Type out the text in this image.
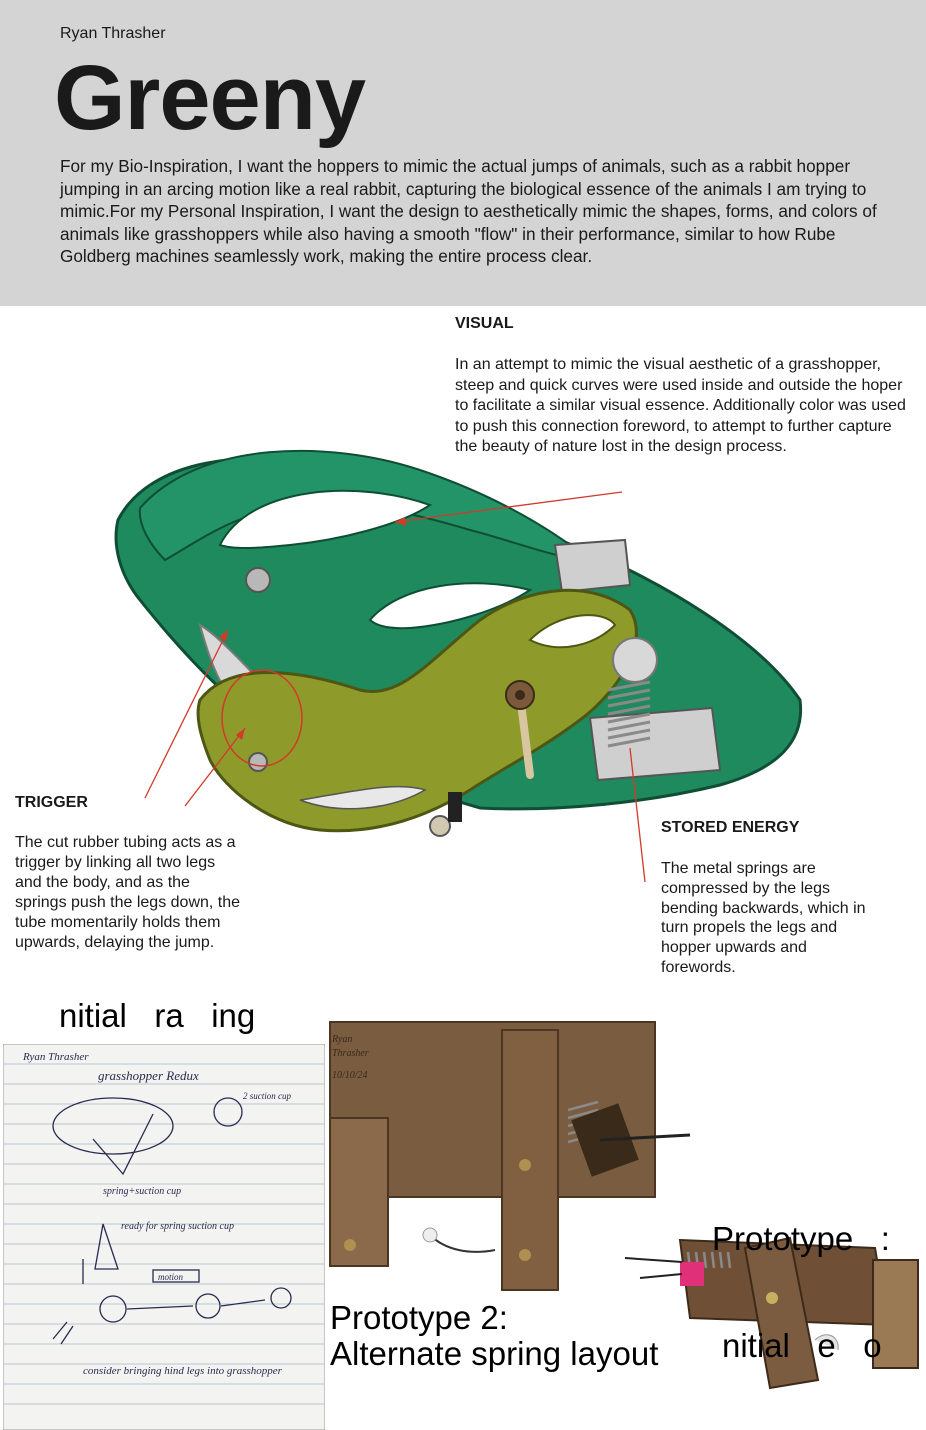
Ryan Thrasher
Greeny
For my Bio-Inspiration, I want the hoppers to mimic the actual jumps of animals, such as a rabbit hopper jumping in an arcing motion like a real rabbit, capturing the biological essence of the animals I am trying to mimic.For my Personal Inspiration, I want the design to aesthetically mimic the shapes, forms, and colors of animals like grasshoppers while also having a smooth "flow" in their performance, similar to how Rube Goldberg machines seamlessly work, making the entire process clear.
Ryan
Thrasher
10/10/24
VISUAL
In an attempt to mimic the visual aesthetic of a grasshopper, steep and quick curves were used inside and outside the hoper to facilitate a similar visual essence. Additionally color was used to push this connection foreword, to attempt to further capture the beauty of nature lost in the design process.
TRIGGER
The cut rubber tubing acts as a trigger by linking all two legs and the body, and as the springs push the legs down, the tube momentarily holds them upwards, delaying the jump.
STORED ENERGY
The metal springs are compressed by the legs bending backwards, which in turn propels the legs and hopper upwards and forewords.
nitial   ra   ing
Ryan Thrasher
grasshopper Redux
spring+suction cup
2 suction cup
ready for spring suction cup
motion
consider bringing hind legs into grasshopper
Prototype 2:
Alternate spring layout

Prototype   :

nitial   e   o
